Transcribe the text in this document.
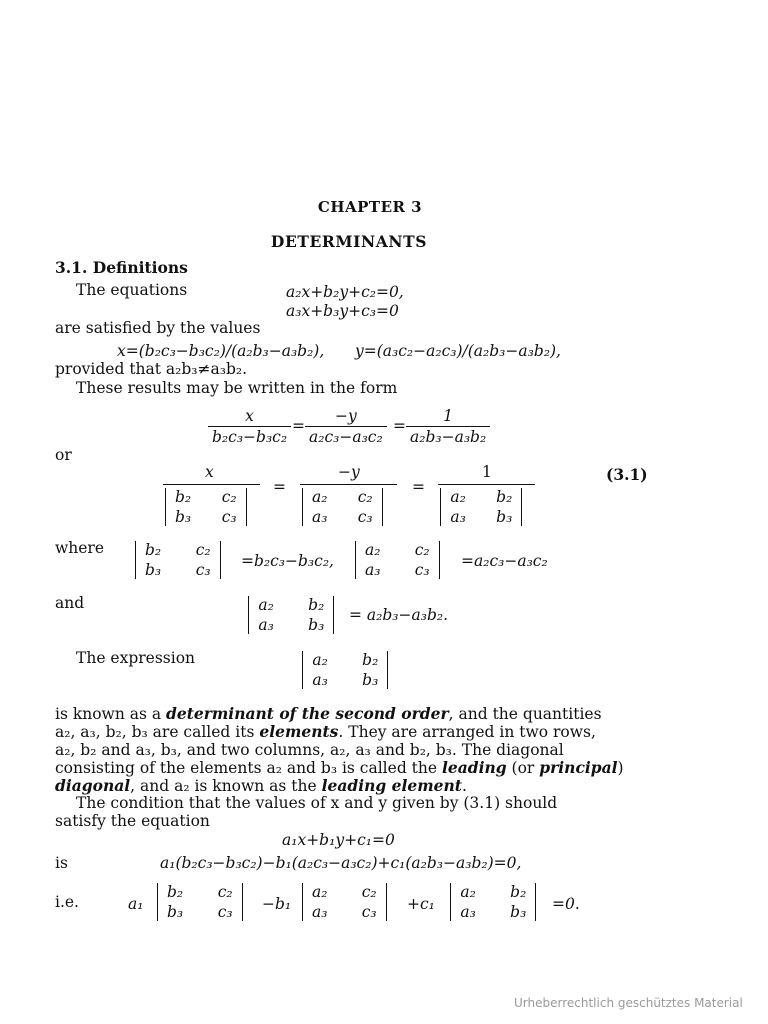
CHAPTER 3
DETERMINANTS
3.1. Definitions
The equations	a₂x+b₂y+c₂=0,
a₃x+b₃y+c₃=0
are satisfied by the values
x=(b₂c₃−b₃c₂)/(a₂b₃−a₃b₂), y=(a₃c₂−a₂c₃)/(a₂b₃−a₃b₂),
provided that a₂b₃≠a₃b₂.
These results may be written in the form
$\frac{x}{\text{b₂c₃−b₃c₂}} = \frac{-y}{\text{a₂c₃−a₃c₂}} = \frac{1}{\text{a₂b₃−a₃b₂}}$
or
x
b₂ c₂
b₃ c₃
=
−y
a₂ c₂
a₃ c₃
=
1
a₂ b₂
a₃ b₃
(3.1)
where	b₂ c₂
b₃ c₃ =b₂c₃−b₃c₂,
a₂ c₂
a₃ c₃ =a₂c₃−a₃c₂
and	a₂ b₂
a₃ b₃
= a₂b₃−a₃b₂.
The expression	a₂ b₂
a₃ b₃
is known as a determinant of the second order, and the quantities
a₂, a₃, b₂, b₃ are called its elements. They are arranged in two rows,
a₂, b₂ and a₃, b₃, and two columns, a₂, a₃ and b₂, b₃. The diagonal
consisting of the elements a₂ and b₃ is called the leading (or principal)
diagonal, and a₂ is known as the leading element.
The condition that the values of x and y given by (3.1) should
satisfy the equation
a₁x+b₁y+c₁=0
is	a₁(b₂c₃−b₃c₂)−b₁(a₂c₃−a₃c₂)+c₁(a₂b₃−a₃b₂)=0,
i.e.	a₁
b₂ c₂
b₃ c₃ −b₁
a₂ c₂
a₃ c₃ +c₁
a₂ b₂
a₃ b₃ =0.
Urheberrechtlich geschütztes Material
